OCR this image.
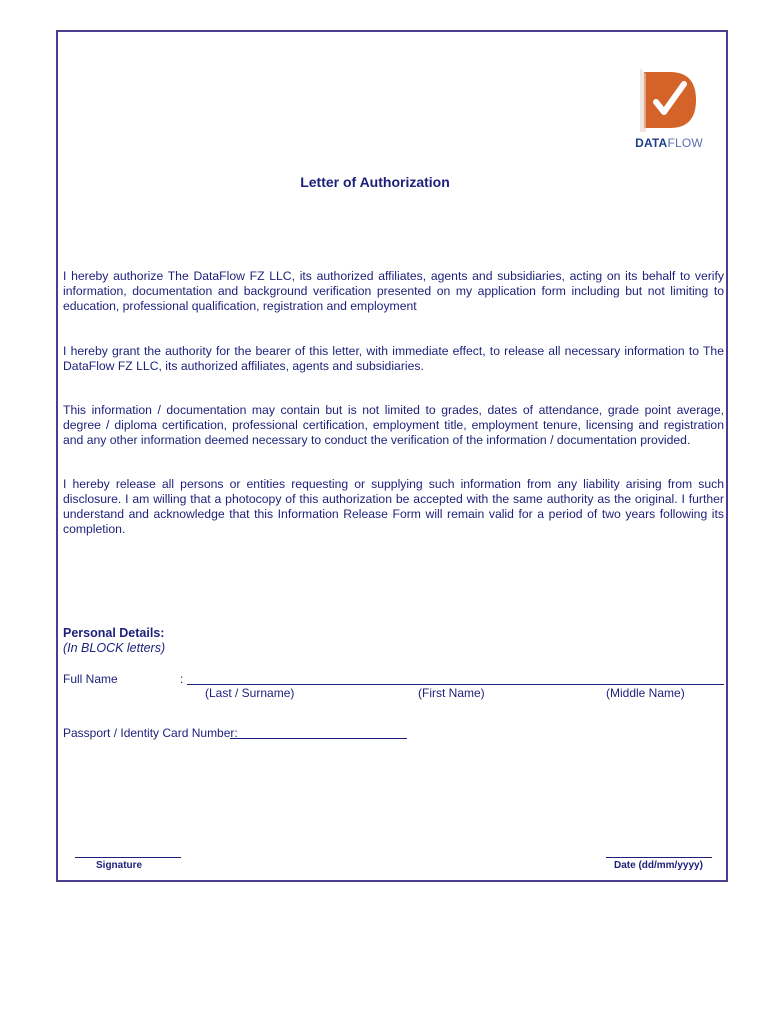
DATAFLOW
Letter of Authorization
I hereby authorize The DataFlow FZ LLC, its authorized affiliates, agents and subsidiaries, acting on its behalf to verify information, documentation and background verification presented on my application form including but not limiting to education, professional qualification, registration and employment
I hereby grant the authority for the bearer of this letter, with immediate effect, to release all necessary information to The DataFlow FZ LLC, its authorized affiliates, agents and subsidiaries.
This information / documentation may contain but is not limited to grades, dates of attendance, grade point average, degree / diploma certification, professional certification, employment title, employment tenure, licensing and registration and any other information deemed necessary to conduct the verification of the information / documentation provided.
I hereby release all persons or entities requesting or supplying such information from any liability arising from such disclosure. I am willing that a photocopy of this authorization be accepted with the same authority as the original. I further understand and acknowledge that this Information Release Form will remain valid for a period of two years following its completion.
Personal Details:
(In BLOCK letters)
Full Name	:
(Last / Surname)	(First Name)	(Middle Name)
Passport / Identity Card Number:
Signature	Date (dd/mm/yyyy)
